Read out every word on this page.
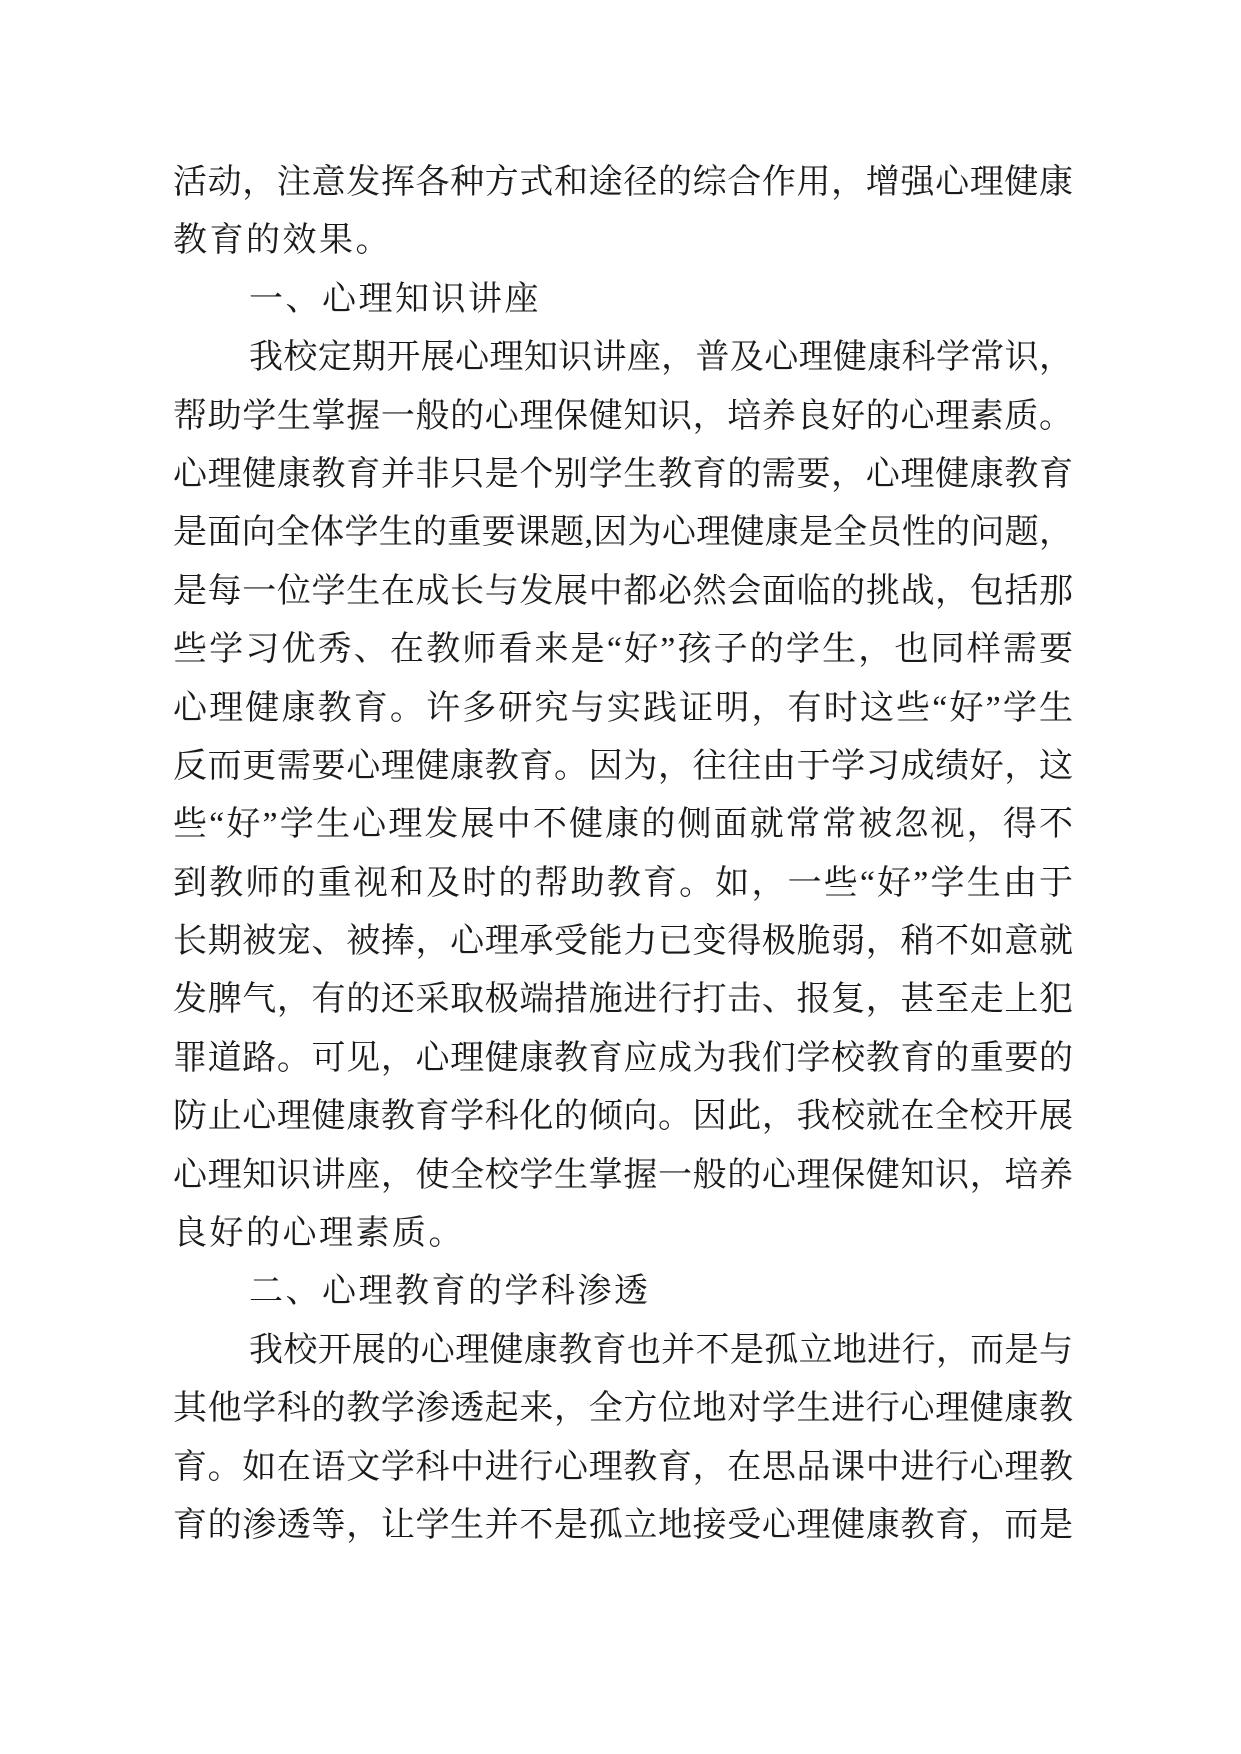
活动，注意发挥各种方式和途径的综合作用，增强心理健康
教育的效果。
一、心理知识讲座
我校定期开展心理知识讲座，普及心理健康科学常识，
帮助学生掌握一般的心理保健知识，培养良好的心理素质。
心理健康教育并非只是个别学生教育的需要，心理健康教育
是面向全体学生的重要课题,因为心理健康是全员性的问题，
是每一位学生在成长与发展中都必然会面临的挑战，包括那
些学习优秀、在教师看来是“好”孩子的学生，也同样需要
心理健康教育。许多研究与实践证明，有时这些“好”学生
反而更需要心理健康教育。因为，往往由于学习成绩好，这
些“好”学生心理发展中不健康的侧面就常常被忽视，得不
到教师的重视和及时的帮助教育。如，一些“好”学生由于
长期被宠、被捧，心理承受能力已变得极脆弱，稍不如意就
发脾气，有的还采取极端措施进行打击、报复，甚至走上犯
罪道路。可见，心理健康教育应成为我们学校教育的重要的
防止心理健康教育学科化的倾向。因此，我校就在全校开展
心理知识讲座，使全校学生掌握一般的心理保健知识，培养
良好的心理素质。
二、心理教育的学科渗透
我校开展的心理健康教育也并不是孤立地进行，而是与
其他学科的教学渗透起来，全方位地对学生进行心理健康教
育。如在语文学科中进行心理教育，在思品课中进行心理教
育的渗透等，让学生并不是孤立地接受心理健康教育，而是
